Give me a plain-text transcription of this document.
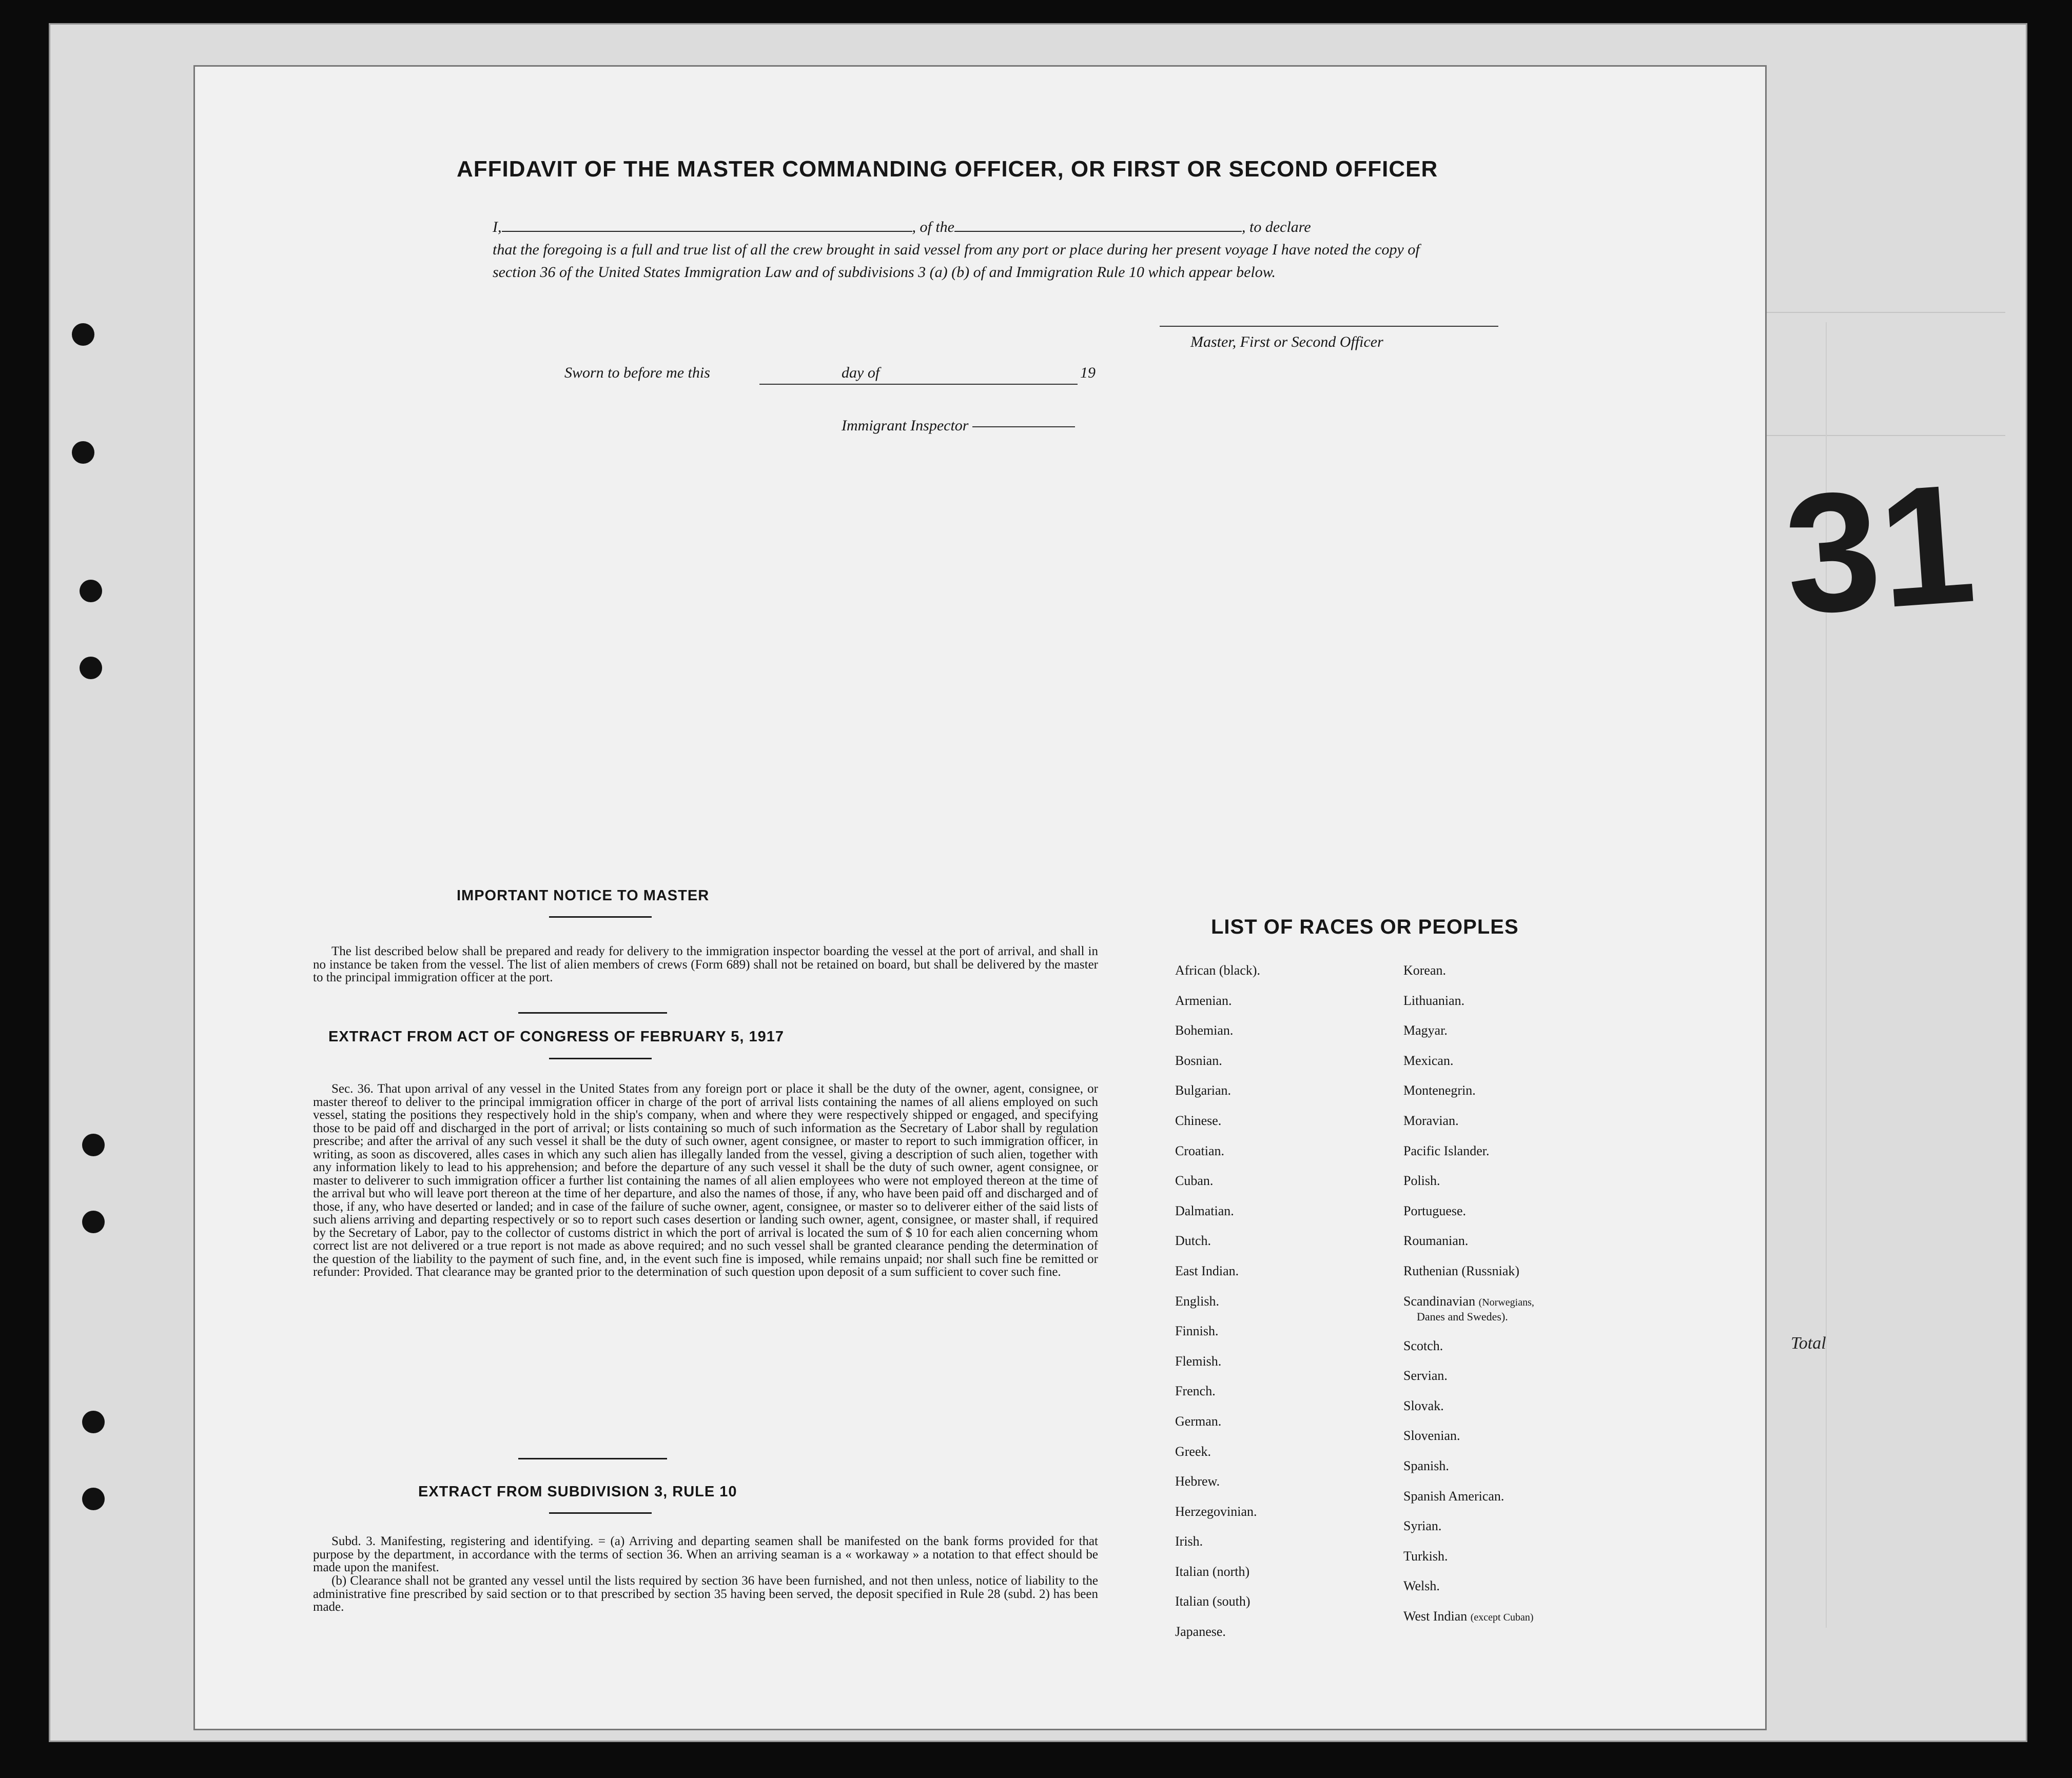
31
Total
AFFIDAVIT OF THE MASTER COMMANDING OFFICER, OR FIRST OR SECOND OFFICER

I,	, of the	, to declare

that the foregoing is a full and true list of all the crew brought in said vessel from any port or place during her present voyage I have noted the copy of section 36 of the United States Immigration Law and of subdivisions 3 (a) (b) of and Immigration Rule 10 which appear below.

Master, First or Second Officer
Sworn to before me this	day of	19
Immigrant Inspector
IMPORTANT NOTICE TO MASTER

The list described below shall be prepared and ready for delivery to the immigration inspector boarding the vessel at the port of arrival, and shall in no instance be taken from the vessel. The list of alien members of crews (Form 689) shall not be retained on board, but shall be delivered by the master to the principal immigration officer at the port.

EXTRACT FROM ACT OF CONGRESS OF FEBRUARY 5, 1917

Sec. 36. That upon arrival of any vessel in the United States from any foreign port or place it shall be the duty of the owner, agent, consignee, or master thereof to deliver to the principal immigration officer in charge of the port of arrival lists containing the names of all aliens employed on such vessel, stating the positions they respectively hold in the ship's company, when and where they were respectively shipped or engaged, and specifying those to be paid off and discharged in the port of arrival; or lists containing so much of such information as the Secretary of Labor shall by regulation prescribe; and after the arrival of any such vessel it shall be the duty of such owner, agent consignee, or master to report to such immigration officer, in writing, as soon as discovered, alles cases in which any such alien has illegally landed from the vessel, giving a description of such alien, together with any information likely to lead to his apprehension; and before the departure of any such vessel it shall be the duty of such owner, agent consignee, or master to deliverer to such immigration officer a further list containing the names of all alien employees who were not employed thereon at the time of the arrival but who will leave port thereon at the time of her departure, and also the names of those, if any, who have been paid off and discharged and of those, if any, who have deserted or landed; and in case of the failure of suche owner, agent, consignee, or master so to deliverer either of the said lists of such aliens arriving and departing respectively or so to report such cases desertion or landing such owner, agent, consignee, or master shall, if required by the Secretary of Labor, pay to the collector of customs district in which the port of arrival is located the sum of $ 10 for each alien concerning whom correct list are not delivered or a true report is not made as above required; and no such vessel shall be granted clearance pending the determination of the question of the liability to the payment of such fine, and, in the event such fine is imposed, while remains unpaid; nor shall such fine be remitted or refunder: Provided. That clearance may be granted prior to the determination of such question upon deposit of a sum sufficient to cover such fine.

EXTRACT FROM SUBDIVISION 3, RULE 10

Subd. 3. Manifesting, registering and identifying. = (a) Arriving and departing seamen shall be manifested on the bank forms provided for that purpose by the department, in accordance with the terms of section 36. When an arriving seaman is a « workaway » a notation to that effect should be made upon the manifest.

(b) Clearance shall not be granted any vessel until the lists required by section 36 have been furnished, and not then unless, notice of liability to the administrative fine prescribed by said section or to that prescribed by section 35 having been served, the deposit specified in Rule 28 (subd. 2) has been made.

LIST OF RACES OR PEOPLES
African (black).
Armenian.
Bohemian.
Bosnian.
Bulgarian.
Chinese.
Croatian.
Cuban.
Dalmatian.
Dutch.
East Indian.
English.
Finnish.
Flemish.
French.
German.
Greek.
Hebrew.
Herzegovinian.
Irish.
Italian (north)
Italian (south)
Japanese.
Korean.
Lithuanian.
Magyar.
Mexican.
Montenegrin.
Moravian.
Pacific Islander.
Polish.
Portuguese.
Roumanian.
Ruthenian (Russniak)
Scandinavian (Norwegians,
Danes and Swedes).
Scotch.
Servian.
Slovak.
Slovenian.
Spanish.
Spanish American.
Syrian.
Turkish.
Welsh.
West Indian (except Cuban)
